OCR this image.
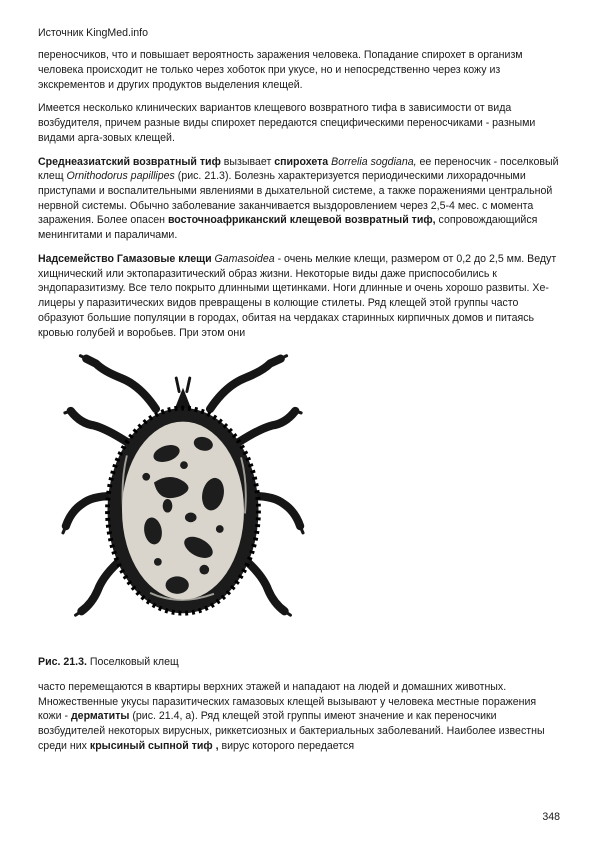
Источник KingMed.info

переносчиков, что и повышает вероятность заражения человека. Попадание спирохет в организм человека происходит не только через хоботок при укусе, но и непосредственно через кожу из экскрементов и других продуктов выделения клещей.

Имеется несколько клинических вариантов клещевого возвратного тифа в зависимости от вида возбудителя, причем разные виды спирохет передаются специфическими переносчиками - разными видами арга-зовых клещей.

Среднеазиатский возвратный тиф вызывает спирохета Borrelia sogdiana, ее переносчик - поселковый клещ Ornithodorus papillipes (рис. 21.3). Болезнь характеризуется периодическими лихорадочными приступами и воспалительными явлениями в дыхательной системе, а также поражениями центральной нервной системы. Обычно заболевание заканчивается выздоровлением через 2,5-4 мес. с момента заражения. Более опасен восточноафриканский клещевой возвратный тиф, сопровождающийся менингитами и параличами.

Надсемейство Гамазовые клещи Gamasoidea - очень мелкие клещи, размером от 0,2 до 2,5 мм. Ведут хищнический или эктопаразитический образ жизни. Некоторые виды даже приспособились к эндопаразитизму. Все тело покрыто длинными щетинками. Ноги длинные и очень хорошо развиты. Хе-лицеры у паразитических видов превращены в колющие стилеты. Ряд клещей этой группы часто образуют большие популяции в городах, обитая на чердаках старинных кирпичных домов и питаясь кровью голубей и воробьев. При этом они

Рис. 21.3. Поселковый клещ

часто перемещаются в квартиры верхних этажей и нападают на людей и домашних животных. Множественные укусы паразитических гамазовых клещей вызывают у человека местные поражения кожи - дерматиты (рис. 21.4, а). Ряд клещей этой группы имеют значение и как переносчики возбудителей некоторых вирусных, риккетсиозных и бактериальных заболеваний. Наиболее известны среди них крысиный сыпной тиф , вирус которого передается

348
